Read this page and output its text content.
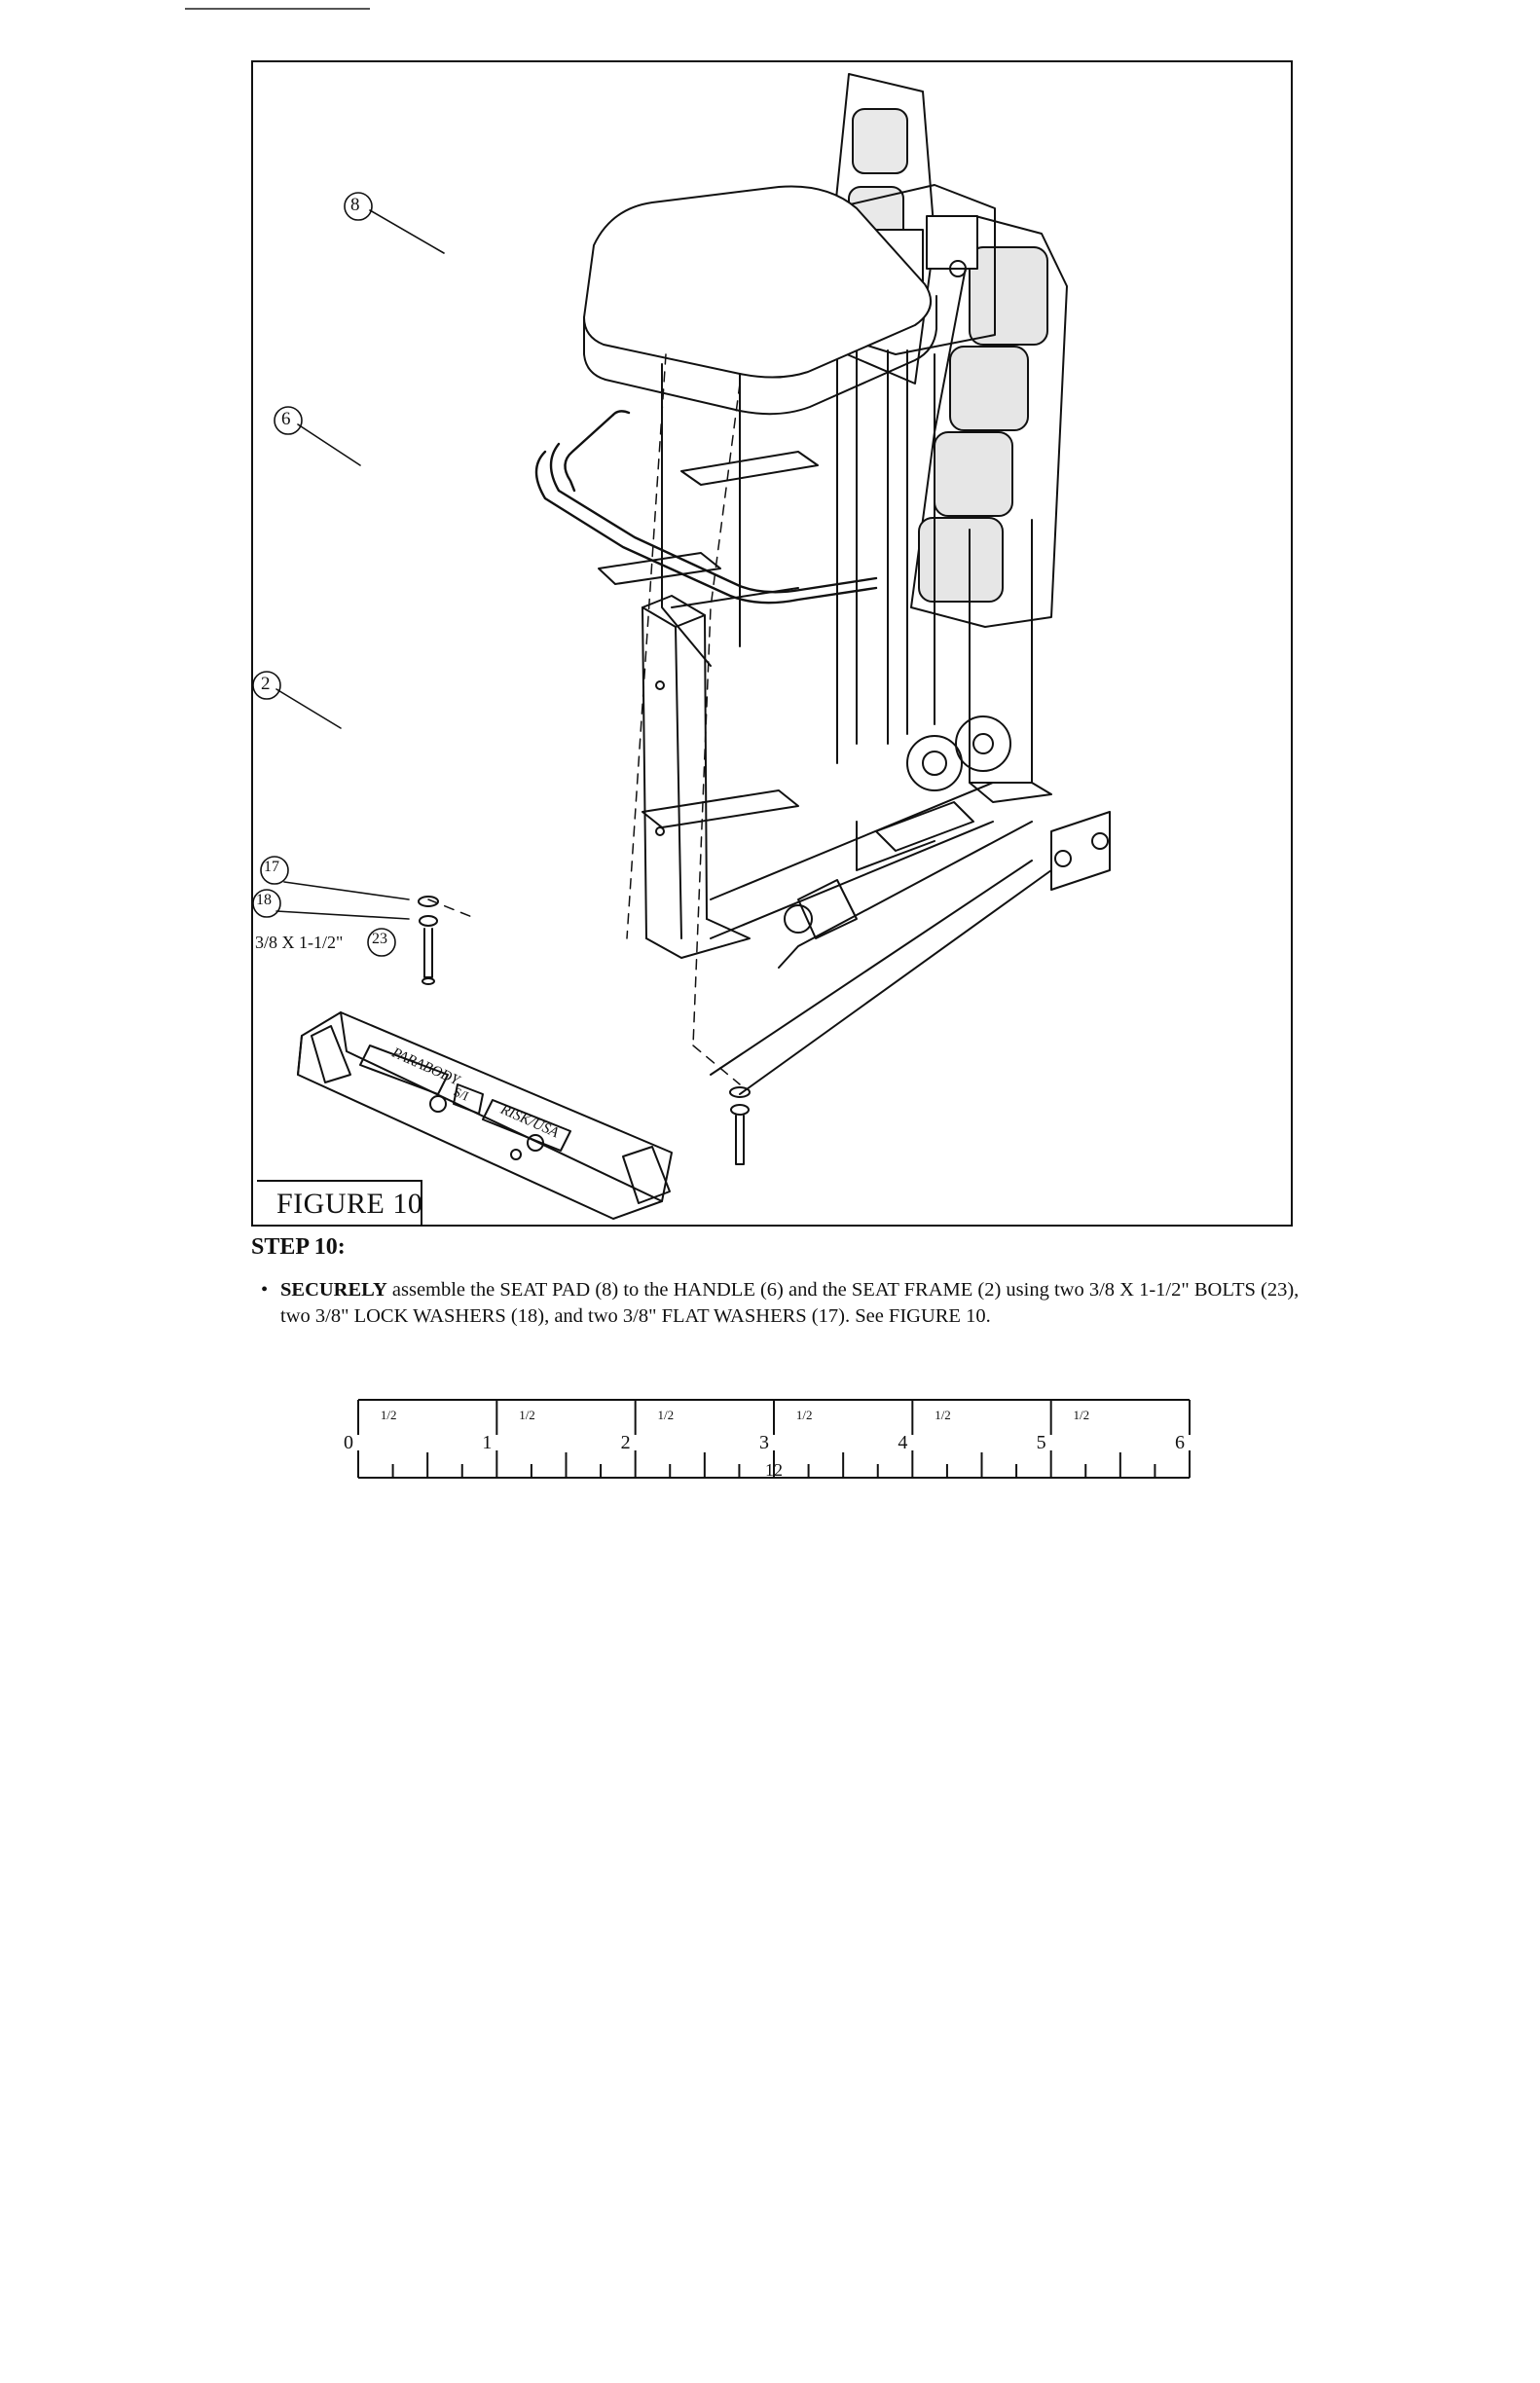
8
6
2
17
18
23
3/8 X 1-1/2"
PARABODY
S/I
RISK/USA
FIGURE 10
STEP 10:
• SECURELY assemble the SEAT PAD (8) to the HANDLE (6) and the SEAT FRAME (2) using two 3/8 X 1-1/2" BOLTS (23),
two 3/8" LOCK WASHERS (18), and two 3/8" FLAT WASHERS (17). See FIGURE 10.
0
1/2
1
1/2
2
1/2
3
1/2
4
1/2
5
1/2
6
12
